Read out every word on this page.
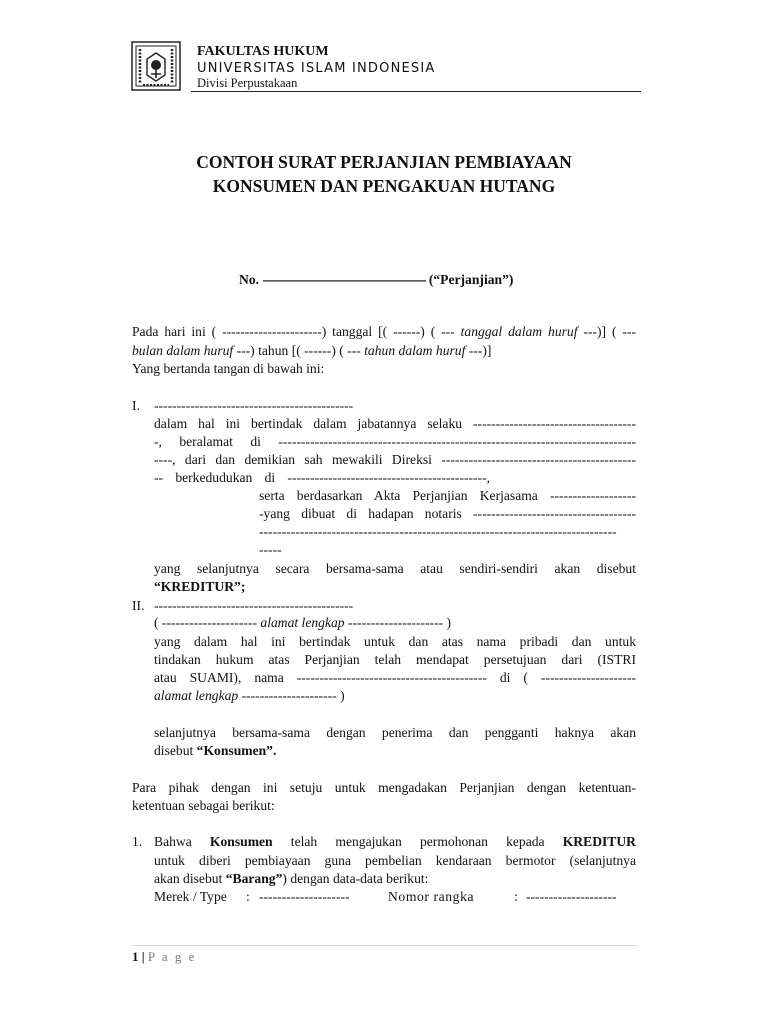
FAKULTAS HUKUM
UNIVERSITAS ISLAM INDONESIA
Divisi Perpustakaan
CONTOH SURAT PERJANJIAN PEMBIAYAAN
KONSUMEN DAN PENGAKUAN HUTANG
No. ------------------------------------------------- (“Perjanjian”)
Pada hari ini ( ----------------------) tanggal [( ------) ( --- tanggal dalam huruf ---)] ( ---
bulan dalam huruf ---) tahun [( ------) ( --- tahun dalam huruf ---)]
Yang bertanda tangan di bawah ini:
I. --------------------------------------------
dalam hal ini bertindak dalam jabatannya selaku ------------------------------------
-, beralamat di -------------------------------------------------------------------------------
----, dari dan demikian sah mewakili Direksi -------------------------------------------
-- berkedudukan di --------------------------------------------,
serta berdasarkan Akta Perjanjian Kerjasama -------------------
-yang dibuat di hadapan notaris ------------------------------------
-------------------------------------------------------------------------------
-----
yang selanjutnya secara bersama-sama atau sendiri-sendiri akan disebut
“KREDITUR”;
II. --------------------------------------------
( --------------------- alamat lengkap --------------------- )
yang dalam hal ini bertindak untuk dan atas nama pribadi dan untuk
tindakan hukum atas Perjanjian telah mendapat persetujuan dari (ISTRI
atau SUAMI), nama ------------------------------------------ di ( ---------------------
alamat lengkap --------------------- )
selanjutnya bersama-sama dengan penerima dan pengganti haknya akan
disebut “Konsumen”.
Para pihak dengan ini setuju untuk mengadakan Perjanjian dengan ketentuan-
ketentuan sebagai berikut:
1. Bahwa Konsumen telah mengajukan permohonan kepada KREDITUR
untuk diberi pembiayaan guna pembelian kendaraan bermotor (selanjutnya
akan disebut “Barang”) dengan data-data berikut:
Merek / Type : --------------------	Nomor rangka	: --------------------
1 | P a g e
